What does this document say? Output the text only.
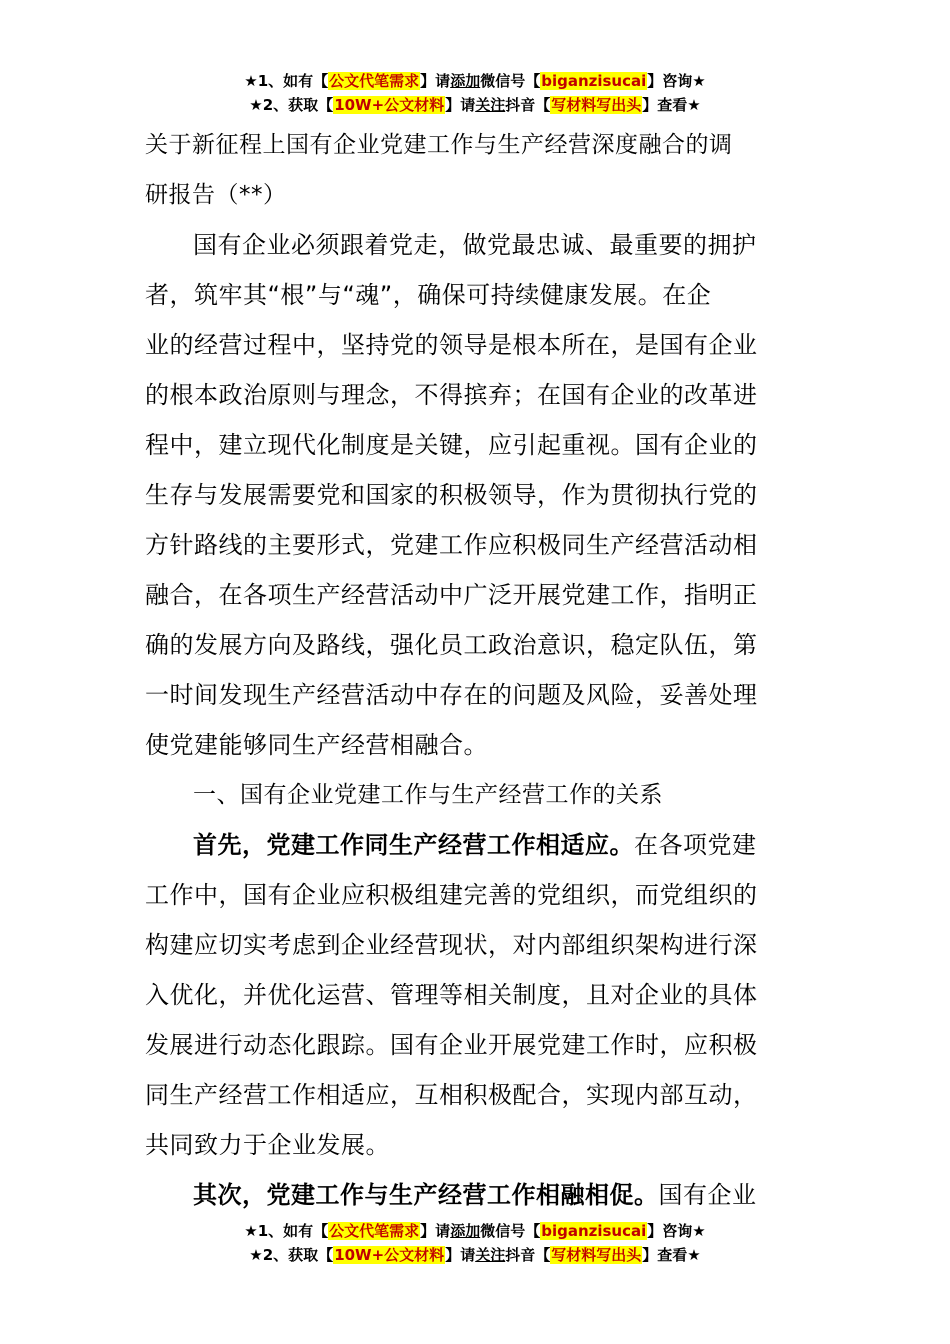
★1、如有【公文代笔需求】请添加微信号【biganzisucai】咨询★
★2、获取【10W+公文材料】请关注抖音【写材料写出头】查看★
关于新征程上国有企业党建工作与生产经营深度融合的调
研报告（**）
国有企业必须跟着党走，做党最忠诚、最重要的拥护
者，筑牢其“根”与“魂”，确保可持续健康发展。在企
业的经营过程中，坚持党的领导是根本所在，是国有企业
的根本政治原则与理念，不得摈弃；在国有企业的改革进
程中，建立现代化制度是关键，应引起重视。国有企业的
生存与发展需要党和国家的积极领导，作为贯彻执行党的
方针路线的主要形式，党建工作应积极同生产经营活动相
融合，在各项生产经营活动中广泛开展党建工作，指明正
确的发展方向及路线，强化员工政治意识，稳定队伍，第
一时间发现生产经营活动中存在的问题及风险，妥善处理
使党建能够同生产经营相融合。
一、国有企业党建工作与生产经营工作的关系
首先，党建工作同生产经营工作相适应。在各项党建
工作中，国有企业应积极组建完善的党组织，而党组织的
构建应切实考虑到企业经营现状，对内部组织架构进行深
入优化，并优化运营、管理等相关制度，且对企业的具体
发展进行动态化跟踪。国有企业开展党建工作时，应积极
同生产经营工作相适应，互相积极配合，实现内部互动，
共同致力于企业发展。
其次，党建工作与生产经营工作相融相促。国有企业
★1、如有【公文代笔需求】请添加微信号【biganzisucai】咨询★
★2、获取【10W+公文材料】请关注抖音【写材料写出头】查看★
